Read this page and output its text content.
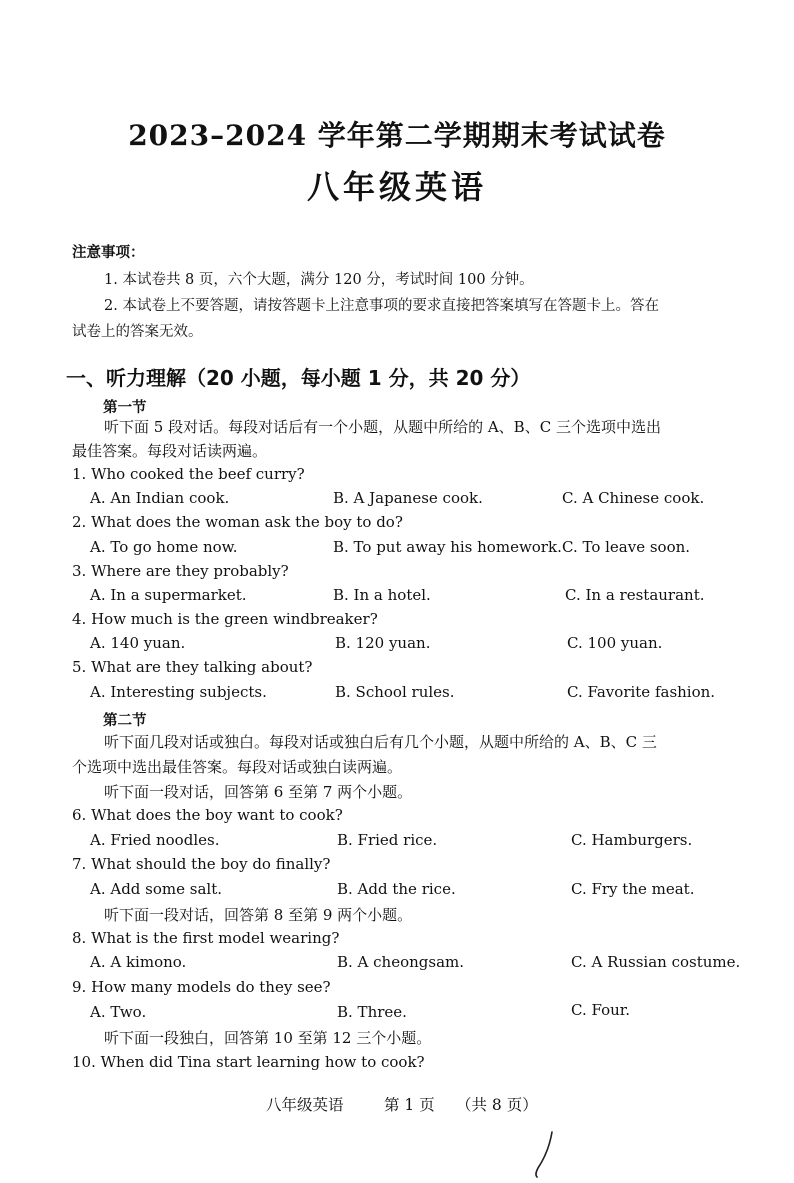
2023–2024 学年第二学期期末考试试卷
八年级英语
注意事项：
1. 本试卷共 8 页，六个大题，满分 120 分，考试时间 100 分钟。
2. 本试卷上不要答题，请按答题卡上注意事项的要求直接把答案填写在答题卡上。答在
试卷上的答案无效。
一、听力理解（20 小题，每小题 1 分，共 20 分）
第一节
听下面 5 段对话。每段对话后有一个小题，从题中所给的 A、B、C 三个选项中选出
最佳答案。每段对话读两遍。
1. Who cooked the beef curry?
A. An Indian cook.	B. A Japanese cook.	C. A Chinese cook.
2. What does the woman ask the boy to do?
A. To go home now.	B. To put away his homework. C. To leave soon.
3. Where are they probably?
A. In a supermarket.	B. In a hotel.	C. In a restaurant.
4. How much is the green windbreaker?
A. 140 yuan.	B. 120 yuan.	C. 100 yuan.
5. What are they talking about?
A. Interesting subjects.	B. School rules.	C. Favorite fashion.
第二节
听下面几段对话或独白。每段对话或独白后有几个小题，从题中所给的 A、B、C 三
个选项中选出最佳答案。每段对话或独白读两遍。
听下面一段对话，回答第 6 至第 7 两个小题。
6. What does the boy want to cook?
A. Fried noodles.	B. Fried rice.	C. Hamburgers.
7. What should the boy do finally?
A. Add some salt.	B. Add the rice.	C. Fry the meat.
听下面一段对话，回答第 8 至第 9 两个小题。
8. What is the first model wearing?
A. A kimono.	B. A cheongsam.	C. A Russian costume.
9. How many models do they see?
A. Two.	B. Three.	C. Four.
听下面一段独白，回答第 10 至第 12 三个小题。
10. When did Tina start learning how to cook?
八年级英语	第 1 页 （共 8 页）
